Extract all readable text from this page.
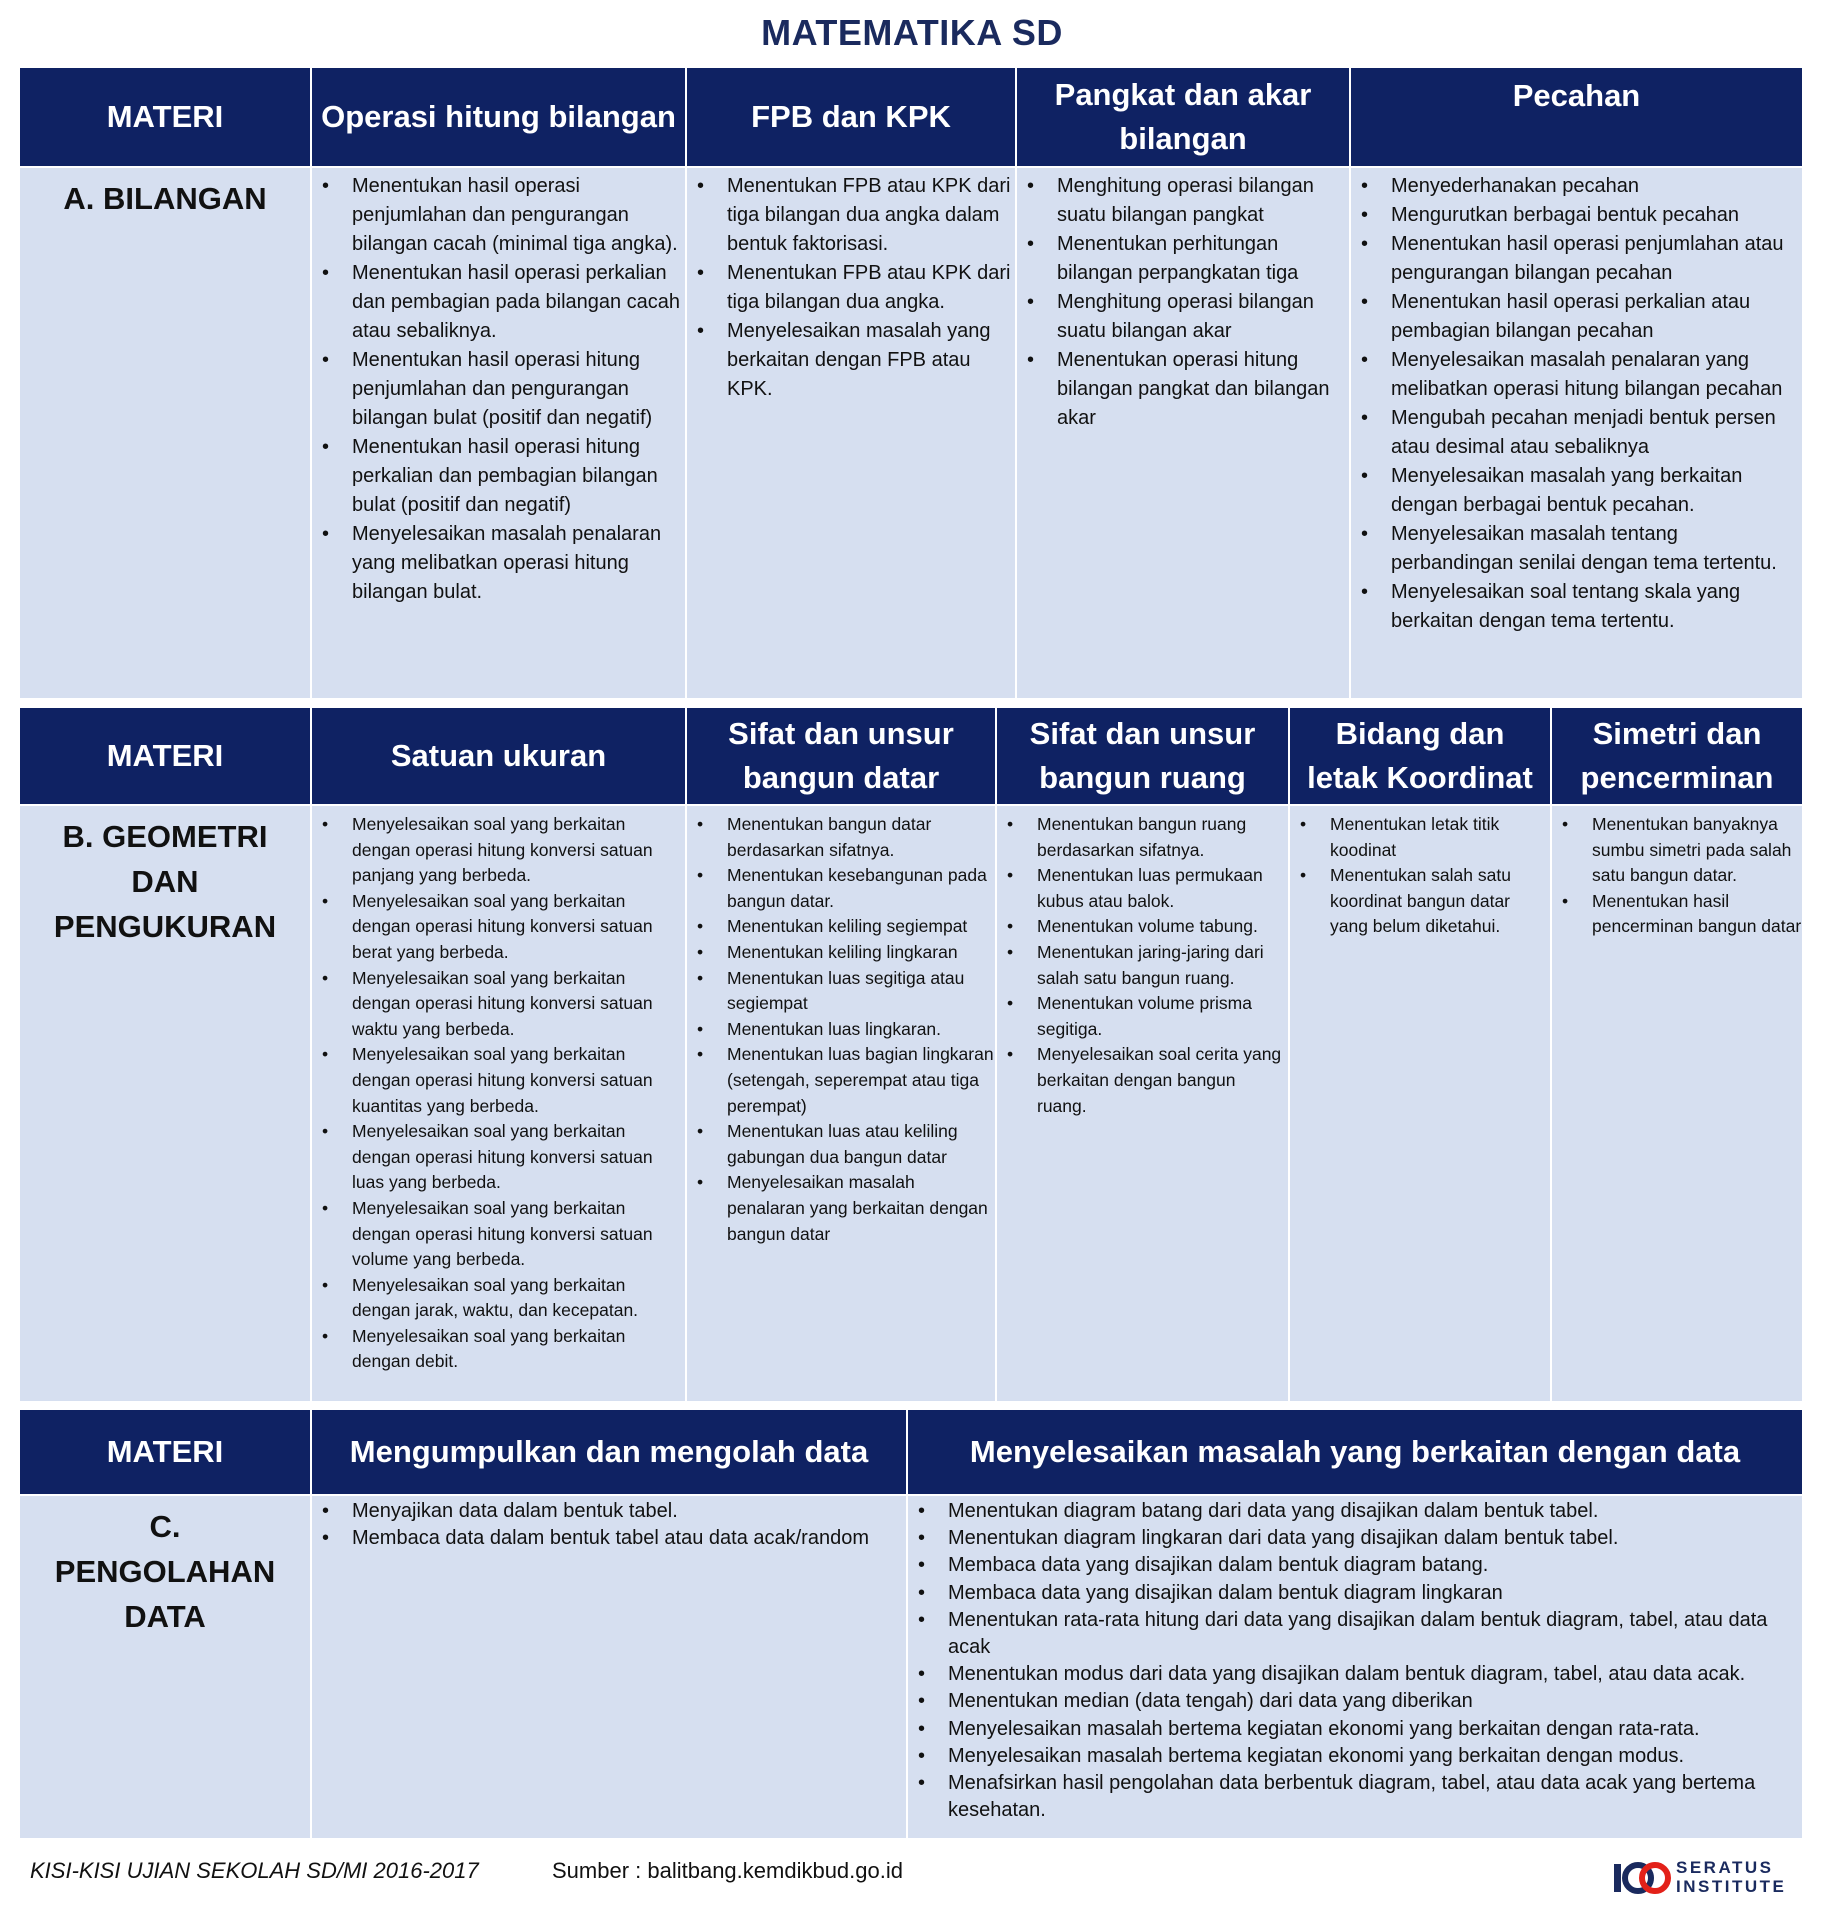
MATEMATIKA SD
MATERI	Operasi hitung bilangan	FPB dan KPK
Pangkat dan akar bilangan
Pecahan
A. BILANGAN
•	Menentukan hasil operasi penjumlahan dan pengurangan bilangan cacah (minimal tiga angka).
• Menentukan hasil operasi perkalian dan pembagian pada bilangan cacah atau sebaliknya.
• Menentukan hasil operasi hitung penjumlahan dan pengurangan bilangan bulat (positif dan negatif)
• Menentukan hasil operasi hitung perkalian dan pembagian bilangan bulat (positif dan negatif)
• Menyelesaikan masalah penalaran yang melibatkan operasi hitung bilangan bulat.
• Menentukan FPB atau KPK dari tiga bilangan dua angka dalam bentuk faktorisasi.
• Menentukan FPB atau KPK dari tiga bilangan dua angka.
• Menyelesaikan masalah yang berkaitan dengan FPB atau KPK.
• Menghitung operasi bilangan suatu bilangan pangkat
• Menentukan perhitungan bilangan perpangkatan tiga
• Menghitung operasi bilangan suatu bilangan akar
• Menentukan operasi hitung bilangan pangkat dan bilangan akar
• Menyederhanakan pecahan
• Mengurutkan berbagai bentuk pecahan
• Menentukan hasil operasi penjumlahan atau pengurangan bilangan pecahan
• Menentukan hasil operasi perkalian atau pembagian bilangan pecahan
• Menyelesaikan masalah penalaran yang melibatkan operasi hitung bilangan pecahan
• Mengubah pecahan menjadi bentuk persen atau desimal atau sebaliknya
• Menyelesaikan masalah yang berkaitan dengan berbagai bentuk pecahan.
• Menyelesaikan masalah tentang perbandingan senilai dengan tema tertentu.
• Menyelesaikan soal tentang skala yang berkaitan dengan tema tertentu.
MATERI	Satuan ukuran
Sifat dan unsur bangun datar
Sifat dan unsur bangun ruang
Bidang dan letak Koordinat
Simetri dan pencerminan
B. GEOMETRI DAN PENGUKURAN
• Menyelesaikan soal yang berkaitan dengan operasi hitung konversi satuan panjang yang berbeda.
• Menyelesaikan soal yang berkaitan dengan operasi hitung konversi satuan berat yang berbeda.
• Menyelesaikan soal yang berkaitan dengan operasi hitung konversi satuan waktu yang berbeda.
• Menyelesaikan soal yang berkaitan dengan operasi hitung konversi satuan kuantitas yang berbeda.
• Menyelesaikan soal yang berkaitan dengan operasi hitung konversi satuan luas yang berbeda.
• Menyelesaikan soal yang berkaitan dengan operasi hitung konversi satuan volume yang berbeda.
• Menyelesaikan soal yang berkaitan dengan jarak, waktu, dan kecepatan.
• Menyelesaikan soal yang berkaitan dengan debit.
• Menentukan bangun datar berdasarkan sifatnya.
• Menentukan kesebangunan pada bangun datar.
• Menentukan keliling segiempat
• Menentukan keliling lingkaran
• Menentukan luas segitiga atau segiempat
• Menentukan luas lingkaran.
• Menentukan luas bagian lingkaran (setengah, seperempat atau tiga perempat)
• Menentukan luas atau keliling gabungan dua bangun datar
• Menyelesaikan masalah penalaran yang berkaitan dengan bangun datar
• Menentukan bangun ruang berdasarkan sifatnya.
• Menentukan luas permukaan kubus atau balok.
• Menentukan volume tabung.
• Menentukan jaring-jaring dari salah satu bangun ruang.
• Menentukan volume prisma segitiga.
• Menyelesaikan soal cerita yang berkaitan dengan bangun ruang.
• Menentukan letak titik koodinat
• Menentukan salah satu koordinat bangun datar yang belum diketahui.
• Menentukan banyaknya sumbu simetri pada salah satu bangun datar.
• Menentukan hasil pencerminan bangun datar
MATERI	Mengumpulkan dan mengolah data	Menyelesaikan masalah yang berkaitan dengan data
C. PENGOLAHAN DATA
• Menyajikan data dalam bentuk tabel.
• Membaca data dalam bentuk tabel atau data acak/random
• Menentukan diagram batang dari data yang disajikan dalam bentuk tabel.
• Menentukan diagram lingkaran dari data yang disajikan dalam bentuk tabel.
• Membaca data yang disajikan dalam bentuk diagram batang.
• Membaca data yang disajikan dalam bentuk diagram lingkaran
• Menentukan rata-rata hitung dari data yang disajikan dalam bentuk diagram, tabel, atau data acak
• Menentukan modus dari data yang disajikan dalam bentuk diagram, tabel, atau data acak.
• Menentukan median (data tengah) dari data yang diberikan
• Menyelesaikan masalah bertema kegiatan ekonomi yang berkaitan dengan rata-rata.
• Menyelesaikan masalah bertema kegiatan ekonomi yang berkaitan dengan modus.
• Menafsirkan hasil pengolahan data berbentuk diagram, tabel, atau data acak yang bertema kesehatan.
KISI-KISI UJIAN SEKOLAH SD/MI 2016-2017	Sumber : balitbang.kemdikbud.go.id	SERATUS
INSTITUTE
